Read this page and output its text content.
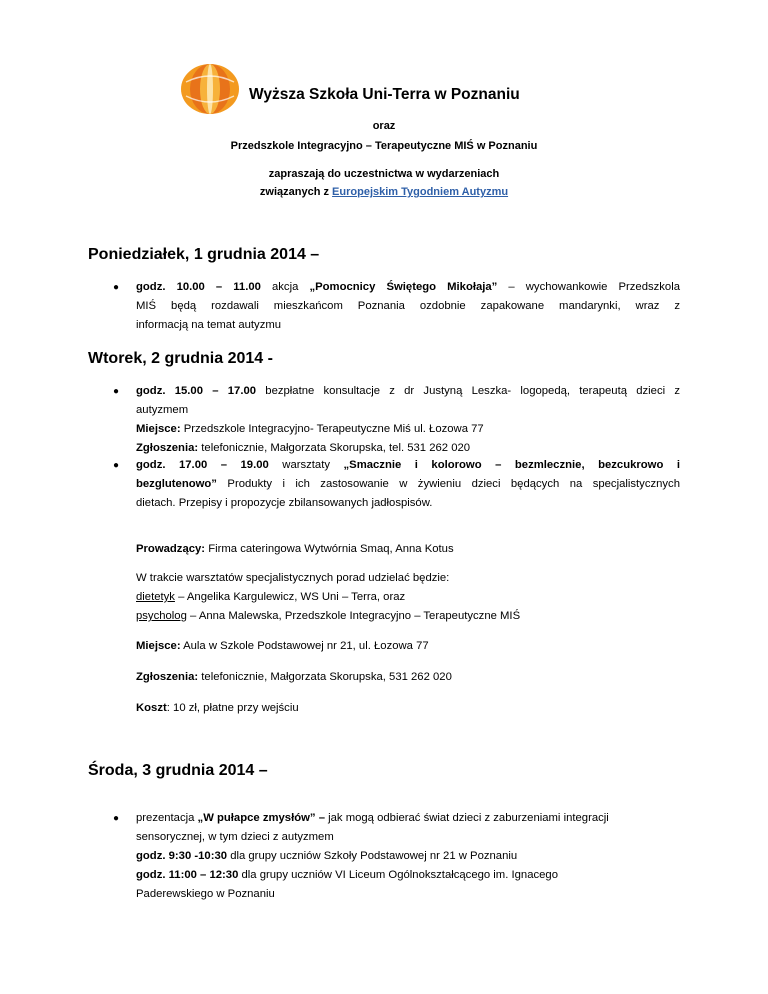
Wyższa Szkoła Uni-Terra w Poznaniu
oraz
Przedszkole Integracyjno – Terapeutyczne MIŚ w Poznaniu
zapraszają do uczestnictwa w wydarzeniach
związanych z Europejskim Tygodniem Autyzmu
Poniedziałek, 1 grudnia 2014 –
● godz. 10.00 – 11.00 akcja „Pomocnicy Świętego Mikołaja” – wychowankowie Przedszkola
MIŚ będą rozdawali mieszkańcom Poznania ozdobnie zapakowane mandarynki, wraz z
informacją na temat autyzmu
Wtorek, 2 grudnia 2014 -
● godz. 15.00 – 17.00 bezpłatne konsultacje z dr Justyną Leszka- logopedą, terapeutą dzieci z
autyzmem
Miejsce: Przedszkole Integracyjno- Terapeutyczne Miś ul. Łozowa 77
Zgłoszenia: telefonicznie, Małgorzata Skorupska, tel. 531 262 020
● godz. 17.00 – 19.00 warsztaty „Smacznie i kolorowo – bezmlecznie, bezcukrowo i
bezglutenowo” Produkty i ich zastosowanie w żywieniu dzieci będących na specjalistycznych
dietach. Przepisy i propozycje zbilansowanych jadłospisów.
Prowadzący: Firma cateringowa Wytwórnia Smaq, Anna Kotus
W trakcie warsztatów specjalistycznych porad udzielać będzie:
dietetyk – Angelika Kargulewicz, WS Uni – Terra, oraz
psycholog – Anna Malewska, Przedszkole Integracyjno – Terapeutyczne MIŚ
Miejsce: Aula w Szkole Podstawowej nr 21, ul. Łozowa 77
Zgłoszenia: telefonicznie, Małgorzata Skorupska, 531 262 020
Koszt: 10 zł, płatne przy wejściu
Środa, 3 grudnia 2014 –
● prezentacja „W pułapce zmysłów” – jak mogą odbierać świat dzieci z zaburzeniami integracji
sensorycznej, w tym dzieci z autyzmem
godz. 9:30 -10:30 dla grupy uczniów Szkoły Podstawowej nr 21 w Poznaniu
godz. 11:00 – 12:30 dla grupy uczniów VI Liceum Ogólnokształcącego im. Ignacego
Paderewskiego w Poznaniu
